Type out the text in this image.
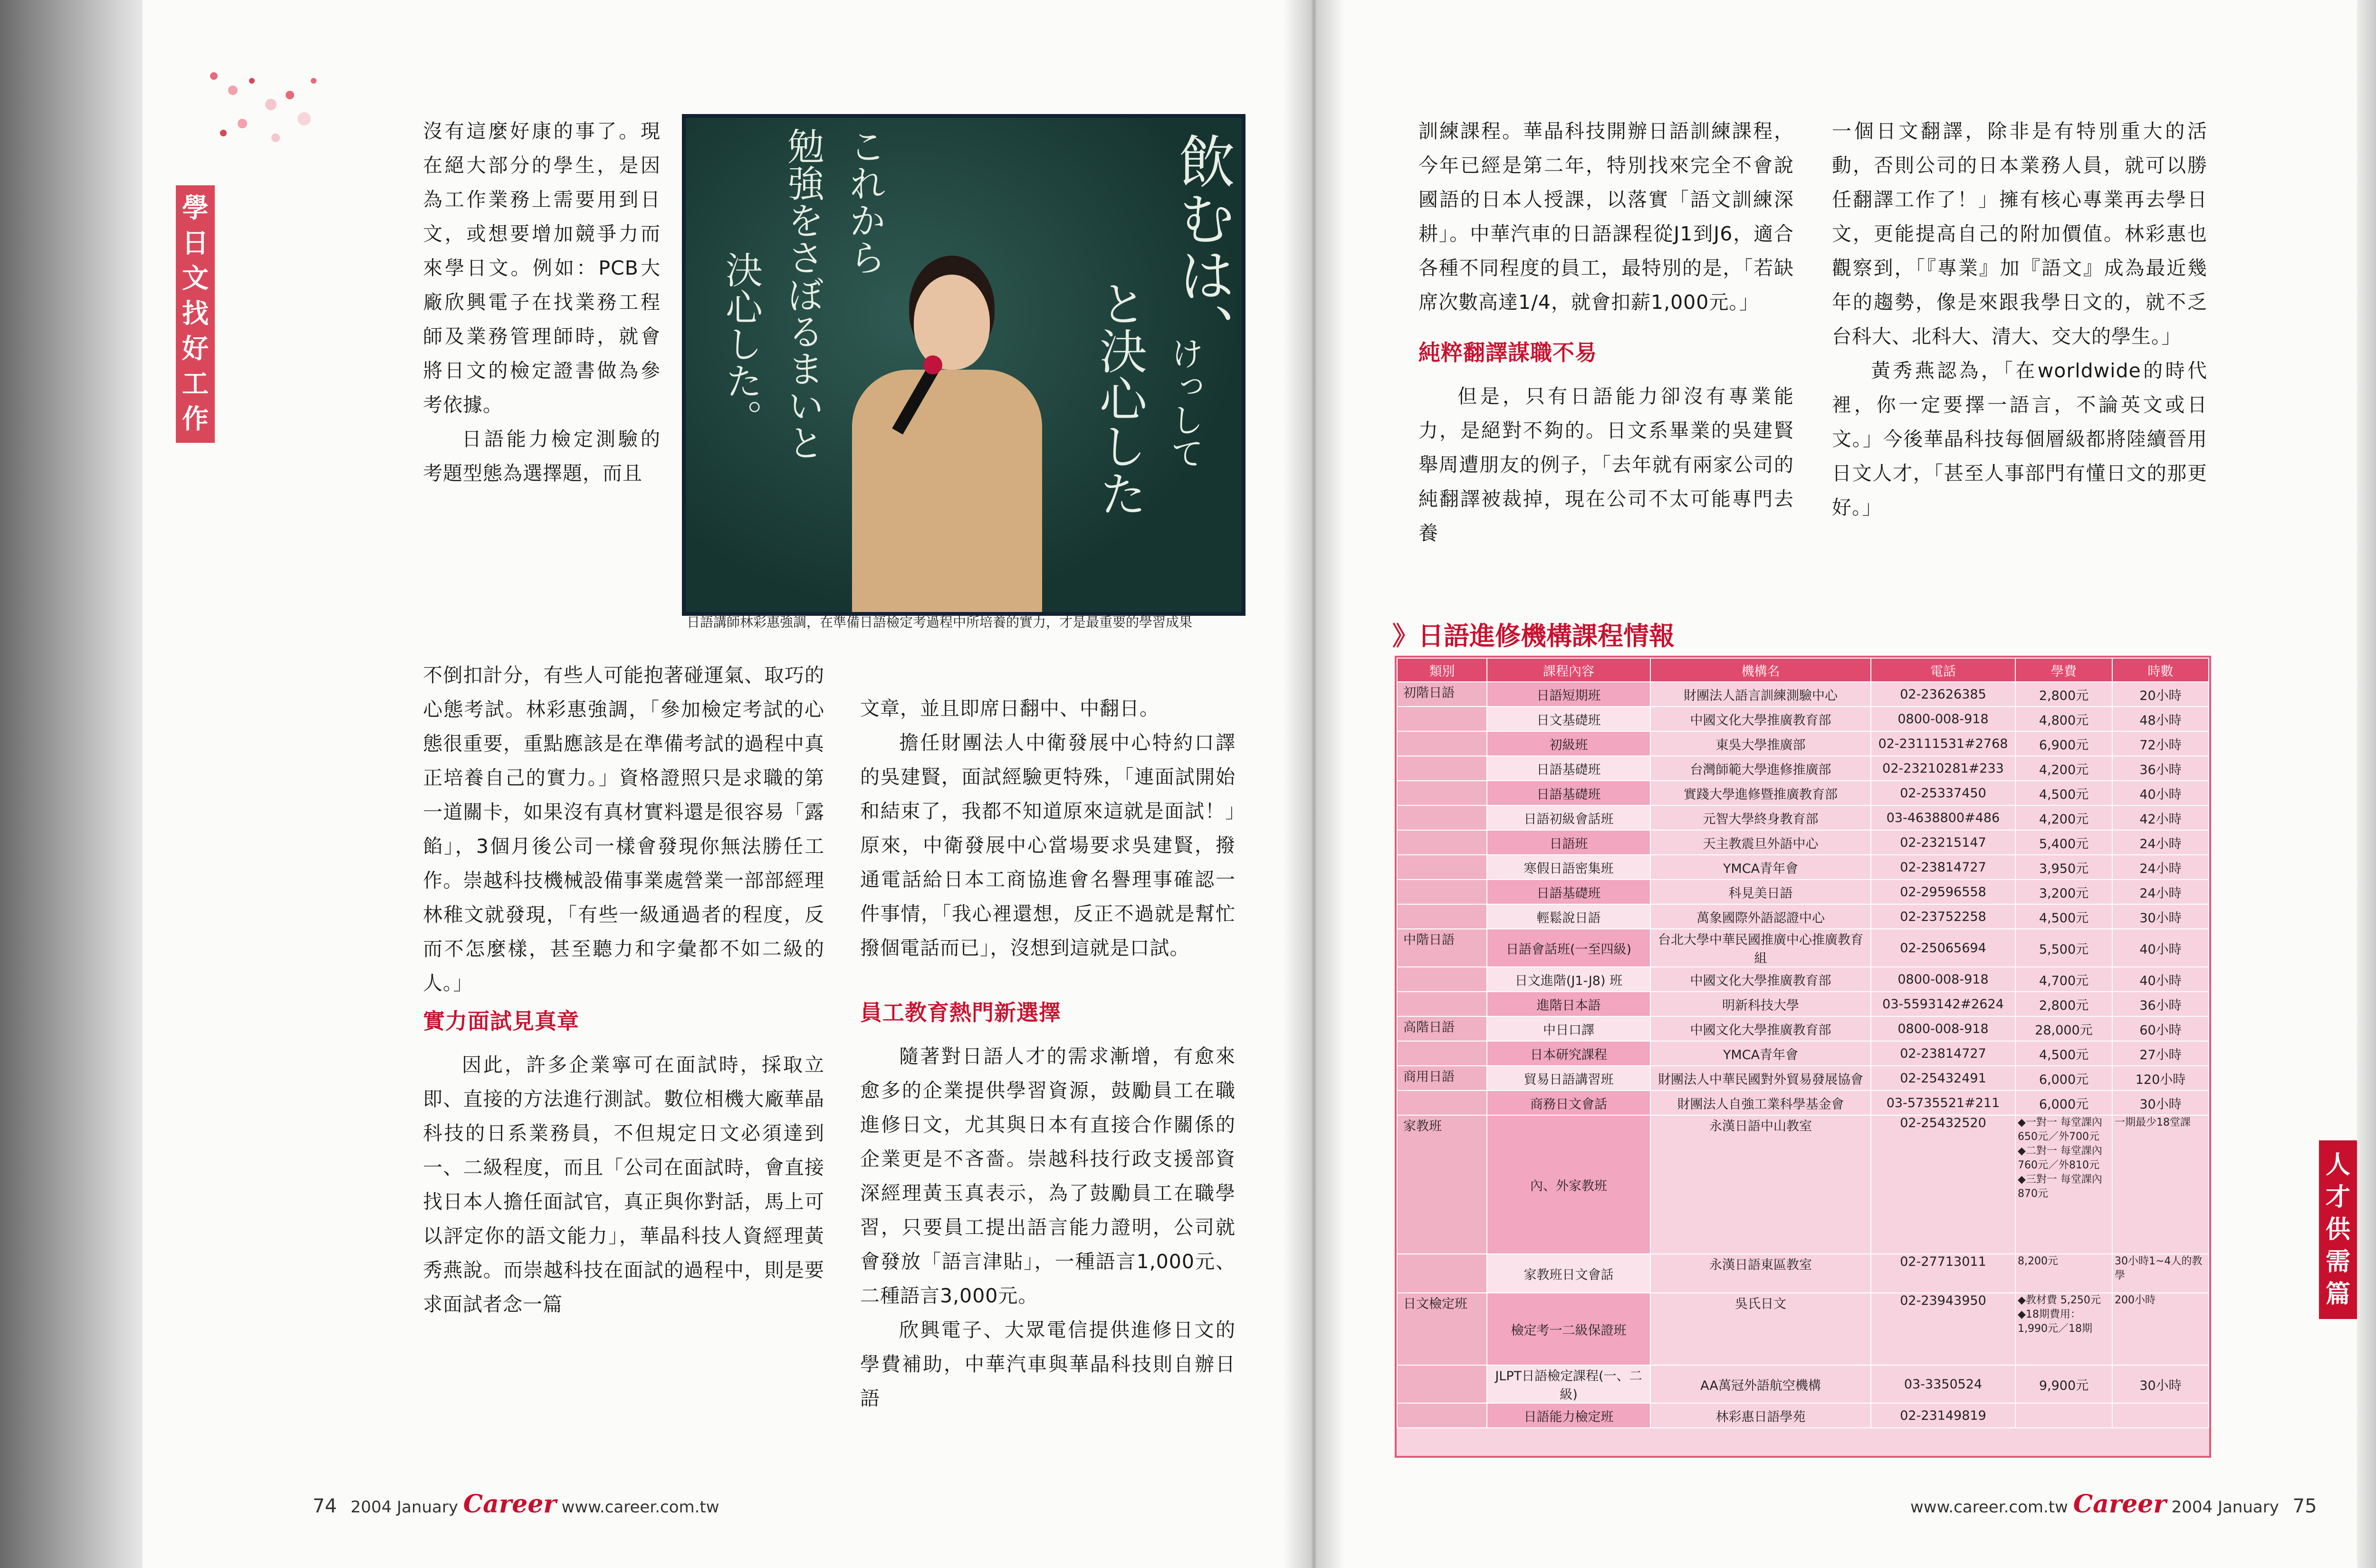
學日文找好工作

沒有這麼好康的事了。現在絕大部分的學生，是因為工作業務上需要用到日文，或想要增加競爭力而來學日文。例如：PCB大廠欣興電子在找業務工程師及業務管理師時，就會將日文的檢定證書做為參考依據。

日語能力檢定測驗的考題型態為選擇題，而且

飲むは、
これから
勉強をさぼるまいと
決心した。	と決心した けっして
日語講師林彩惠強調，在準備日語檢定考過程中所培養的實力，才是最重要的學習成果

不倒扣計分，有些人可能抱著碰運氣、取巧的心態考試。林彩惠強調，「參加檢定考試的心態很重要，重點應該是在準備考試的過程中真正培養自己的實力。」資格證照只是求職的第一道關卡，如果沒有真材實料還是很容易「露餡」，3個月後公司一樣會發現你無法勝任工作。崇越科技機械設備事業處營業一部部經理林稚文就發現，「有些一級通過者的程度，反而不怎麼樣，甚至聽力和字彙都不如二級的人。」

實力面試見真章

因此，許多企業寧可在面試時，採取立即、直接的方法進行測試。數位相機大廠華晶科技的日系業務員，不但規定日文必須達到一、二級程度，而且「公司在面試時，會直接找日本人擔任面試官，真正與你對話，馬上可以評定你的語文能力」，華晶科技人資經理黃秀燕說。而崇越科技在面試的過程中，則是要求面試者念一篇

文章，並且即席日翻中、中翻日。

擔任財團法人中衛發展中心特約口譯的吳建賢，面試經驗更特殊，「連面試開始和結束了，我都不知道原來這就是面試！」原來，中衛發展中心當場要求吳建賢，撥通電話給日本工商協進會名譽理事確認一件事情，「我心裡還想，反正不過就是幫忙撥個電話而已」，沒想到這就是口試。

員工教育熱門新選擇

隨著對日語人才的需求漸增，有愈來愈多的企業提供學習資源，鼓勵員工在職進修日文，尤其與日本有直接合作關係的企業更是不吝嗇。崇越科技行政支援部資深經理黃玉真表示，為了鼓勵員工在職學習，只要員工提出語言能力證明，公司就會發放「語言津貼」，一種語言1,000元、二種語言3,000元。

欣興電子、大眾電信提供進修日文的學費補助，中華汽車與華晶科技則自辦日語

74 2004 January Career www.career.com.tw

訓練課程。華晶科技開辦日語訓練課程，今年已經是第二年，特別找來完全不會說國語的日本人授課，以落實「語文訓練深耕」。中華汽車的日語課程從J1到J6，適合各種不同程度的員工，最特別的是，「若缺席次數高達1/4，就會扣薪1,000元。」

純粹翻譯謀職不易

但是，只有日語能力卻沒有專業能力，是絕對不夠的。日文系畢業的吳建賢舉周遭朋友的例子，「去年就有兩家公司的純翻譯被裁掉，現在公司不太可能專門去養

一個日文翻譯，除非是有特別重大的活動，否則公司的日本業務人員，就可以勝任翻譯工作了！」擁有核心專業再去學日文，更能提高自己的附加價值。林彩惠也觀察到，「『專業』加『語文』成為最近幾年的趨勢，像是來跟我學日文的，就不乏台科大、北科大、清大、交大的學生。」

黃秀燕認為，「在worldwide的時代裡，你一定要擇一語言，不論英文或日文。」今後華晶科技每個層級都將陸續晉用日文人才，「甚至人事部門有懂日文的那更好。」

人才供需篇
》日語進修機構課程情報
類別	課程內容	機構名	電話	學費	時數
初階日語	日語短期班	財團法人語言訓練測驗中心	02-23626385	2,800元	20小時
	日文基礎班	中國文化大學推廣教育部	0800-008-918	4,800元	48小時
	初級班	東吳大學推廣部	02-23111531#2768	6,900元	72小時
	日語基礎班	台灣師範大學進修推廣部	02-23210281#233	4,200元	36小時
	日語基礎班	實踐大學進修暨推廣教育部	02-25337450	4,500元	40小時
	日語初級會話班	元智大學終身教育部	03-4638800#486	4,200元	42小時
	日語班	天主教震旦外語中心	02-23215147	5,400元	24小時
	寒假日語密集班	YMCA青年會	02-23814727	3,950元	24小時
	日語基礎班	科見美日語	02-29596558	3,200元	24小時
	輕鬆說日語	萬象國際外語認證中心	02-23752258	4,500元	30小時
中階日語	日語會話班(一至四級)	台北大學中華民國推廣中心推廣教育組	02-25065694	5,500元	40小時
	日文進階(J1-J8) 班	中國文化大學推廣教育部	0800-008-918	4,700元	40小時
	進階日本語	明新科技大學	03-5593142#2624	2,800元	36小時
高階日語	中日口譯	中國文化大學推廣教育部	0800-008-918	28,000元	60小時
	日本研究課程	YMCA青年會	02-23814727	4,500元	27小時
商用日語	貿易日語講習班	財團法人中華民國對外貿易發展協會	02-25432491	6,000元	120小時
	商務日文會話	財團法人自強工業科學基金會	03-5735521#211	6,000元	30小時
家教班	內、外家教班	永漢日語中山教室	02-25432520	◆一對一 每堂課內650元／外700元 ◆二對一 每堂課內760元／外810元 ◆三對一 每堂課內870元	一期最少18堂課
	家教班日文會話	永漢日語東區教室	02-27713011	8,200元	30小時1~4人的教學
日文檢定班	檢定考一二級保證班	吳氏日文	02-23943950	◆教材費 5,250元 ◆18期費用：1,990元／18期	200小時
	JLPT日語檢定課程(一、二級)	AA萬冠外語航空機構	03-3350524	9,900元	30小時
	日語能力檢定班	林彩惠日語學苑	02-23149819		
www.career.com.tw Career 2004 January 75
